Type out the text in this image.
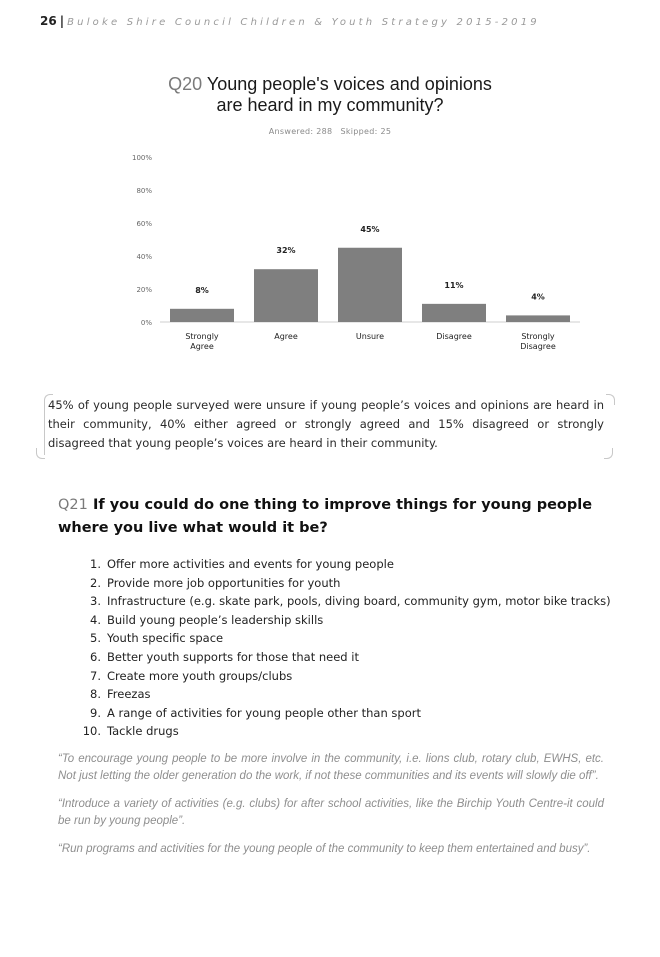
26 | Buloke Shire Council Children & Youth Strategy 2015-2019
Q20 Young people's voices and opinions
are heard in my community?
Answered: 288 Skipped: 25
0%
20%
40%
60%
80%
100%
8%
Strongly Agree
32%
Agree
45%
Unsure
11%
Disagree
4%
Strongly Disagree
45% of young people surveyed were unsure if young people’s voices and opinions are heard in their community, 40% either agreed or strongly agreed and 15% disagreed or strongly disagreed that young people’s voices are heard in their community.
Q21 If you could do one thing to improve things for young people where you live what would it be?
1. Offer more activities and events for young people
2. Provide more job opportunities for youth
3. Infrastructure (e.g. skate park, pools, diving board, community gym, motor bike tracks)
4. Build young people’s leadership skills
5. Youth specific space
6. Better youth supports for those that need it
7. Create more youth groups/clubs
8. Freezas
9. A range of activities for young people other than sport
10. Tackle drugs

“To encourage young people to be more involve in the community, i.e. lions club, rotary club, EWHS, etc. Not just letting the older generation do the work, if not these communities and its events will slowly die off”.

“Introduce a variety of activities (e.g. clubs) for after school activities, like the Birchip Youth Centre-it could be run by young people”.

“Run programs and activities for the young people of the community to keep them entertained and busy”.
